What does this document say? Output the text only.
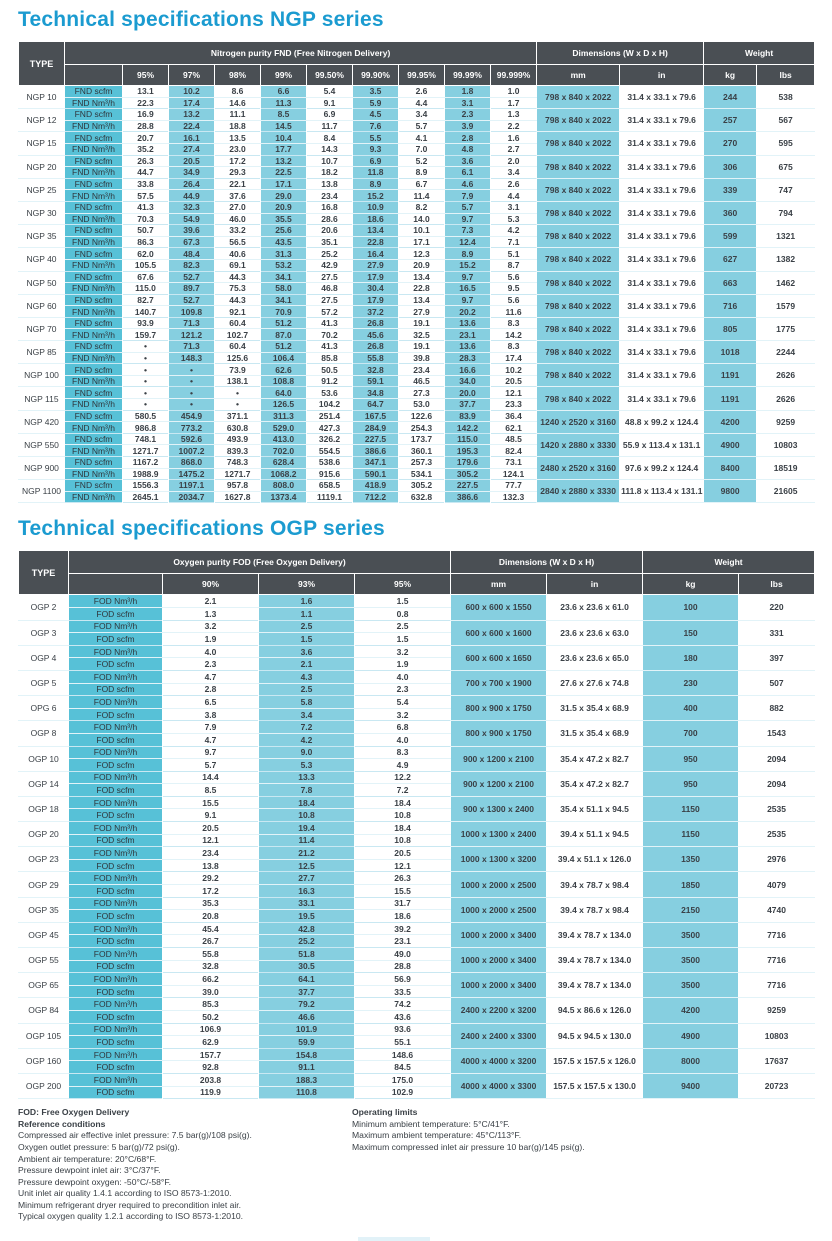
Technical specifications NGP series
TYPE	Nitrogen purity FND (Free Nitrogen Delivery)										Dimensions (W x D x H)		Weight	
		95%	97%	98%	99%	99.50%	99.90%	99.95%	99.99%	99.999%	mm	in	kg	lbs
NGP 10	FND scfm	13.1	10.2	8.6	6.6	5.4	3.5	2.6	1.8	1.0	798 x 840 x 2022	31.4 x 33.1 x 79.6	244	538
	FND Nm³/h	22.3	17.4	14.6	11.3	9.1	5.9	4.4	3.1	1.7				
NGP 12	FND scfm	16.9	13.2	11.1	8.5	6.9	4.5	3.4	2.3	1.3	798 x 840 x 2022	31.4 x 33.1 x 79.6	257	567
	FND Nm³/h	28.8	22.4	18.8	14.5	11.7	7.6	5.7	3.9	2.2				
NGP 15	FND scfm	20.7	16.1	13.5	10.4	8.4	5.5	4.1	2.8	1.6	798 x 840 x 2022	31.4 x 33.1 x 79.6	270	595
	FND Nm³/h	35.2	27.4	23.0	17.7	14.3	9.3	7.0	4.8	2.7				
NGP 20	FND scfm	26.3	20.5	17.2	13.2	10.7	6.9	5.2	3.6	2.0	798 x 840 x 2022	31.4 x 33.1 x 79.6	306	675
	FND Nm³/h	44.7	34.9	29.3	22.5	18.2	11.8	8.9	6.1	3.4				
NGP 25	FND scfm	33.8	26.4	22.1	17.1	13.8	8.9	6.7	4.6	2.6	798 x 840 x 2022	31.4 x 33.1 x 79.6	339	747
	FND Nm³/h	57.5	44.9	37.6	29.0	23.4	15.2	11.4	7.9	4.4				
NGP 30	FND scfm	41.3	32.3	27.0	20.9	16.8	10.9	8.2	5.7	3.1	798 x 840 x 2022	31.4 x 33.1 x 79.6	360	794
	FND Nm³/h	70.3	54.9	46.0	35.5	28.6	18.6	14.0	9.7	5.3				
NGP 35	FND scfm	50.7	39.6	33.2	25.6	20.6	13.4	10.1	7.3	4.2	798 x 840 x 2022	31.4 x 33.1 x 79.6	599	1321
	FND Nm³/h	86.3	67.3	56.5	43.5	35.1	22.8	17.1	12.4	7.1				
NGP 40	FND scfm	62.0	48.4	40.6	31.3	25.2	16.4	12.3	8.9	5.1	798 x 840 x 2022	31.4 x 33.1 x 79.6	627	1382
	FND Nm³/h	105.5	82.3	69.1	53.2	42.9	27.9	20.9	15.2	8.7				
NGP 50	FND scfm	67.6	52.7	44.3	34.1	27.5	17.9	13.4	9.7	5.6	798 x 840 x 2022	31.4 x 33.1 x 79.6	663	1462
	FND Nm³/h	115.0	89.7	75.3	58.0	46.8	30.4	22.8	16.5	9.5				
NGP 60	FND scfm	82.7	52.7	44.3	34.1	27.5	17.9	13.4	9.7	5.6	798 x 840 x 2022	31.4 x 33.1 x 79.6	716	1579
	FND Nm³/h	140.7	109.8	92.1	70.9	57.2	37.2	27.9	20.2	11.6				
NGP 70	FND scfm	93.9	71.3	60.4	51.2	41.3	26.8	19.1	13.6	8.3	798 x 840 x 2022	31.4 x 33.1 x 79.6	805	1775
	FND Nm³/h	159.7	121.2	102.7	87.0	70.2	45.6	32.5	23.1	14.2				
NGP 85	FND scfm	•	71.3	60.4	51.2	41.3	26.8	19.1	13.6	8.3	798 x 840 x 2022	31.4 x 33.1 x 79.6	1018	2244
	FND Nm³/h	•	148.3	125.6	106.4	85.8	55.8	39.8	28.3	17.4				
NGP 100	FND scfm	•	•	73.9	62.6	50.5	32.8	23.4	16.6	10.2	798 x 840 x 2022	31.4 x 33.1 x 79.6	1191	2626
	FND Nm³/h	•	•	138.1	108.8	91.2	59.1	46.5	34.0	20.5				
NGP 115	FND scfm	•	•	•	64.0	53.6	34.8	27.3	20.0	12.1	798 x 840 x 2022	31.4 x 33.1 x 79.6	1191	2626
	FND Nm³/h	•	•	•	126.5	104.2	64.7	53.0	37.7	23.3				
NGP 420	FND scfm	580.5	454.9	371.1	311.3	251.4	167.5	122.6	83.9	36.4	1240 x 2520 x 3160	48.8 x 99.2 x 124.4	4200	9259
	FND Nm³/h	986.8	773.2	630.8	529.0	427.3	284.9	254.3	142.2	62.1				
NGP 550	FND scfm	748.1	592.6	493.9	413.0	326.2	227.5	173.7	115.0	48.5	1420 x 2880 x 3330	55.9 x 113.4 x 131.1	4900	10803
	FND Nm³/h	1271.7	1007.2	839.3	702.0	554.5	386.6	360.1	195.3	82.4				
NGP 900	FND scfm	1167.2	868.0	748.3	628.4	538.6	347.1	257.3	179.6	73.1	2480 x 2520 x 3160	97.6 x 99.2 x 124.4	8400	18519
	FND Nm³/h	1988.9	1475.2	1271.7	1068.2	915.6	590.1	534.1	305.2	124.1				
NGP 1100	FND scfm	1556.3	1197.1	957.8	808.0	658.5	418.9	305.2	227.5	77.7	2840 x 2880 x 3330	111.8 x 113.4 x 131.1	9800	21605
	FND Nm³/h	2645.1	2034.7	1627.8	1373.4	1119.1	712.2	632.8	386.6	132.3				
Technical specifications OGP series
TYPE	Oxygen purity FOD (Free Oxygen Delivery)				Dimensions (W x D x H)		Weight	
		90%	93%	95%	mm	in	kg	lbs
OGP 2	FOD Nm³/h	2.1	1.6	1.5	600 x 600 x 1550	23.6 x 23.6 x 61.0	100	220
	FOD scfm	1.3	1.1	0.8				
OGP 3	FOD Nm³/h	3.2	2.5	2.5	600 x 600 x 1600	23.6 x 23.6 x 63.0	150	331
	FOD scfm	1.9	1.5	1.5				
OGP 4	FOD Nm³/h	4.0	3.6	3.2	600 x 600 x 1650	23.6 x 23.6 x 65.0	180	397
	FOD scfm	2.3	2.1	1.9				
OGP 5	FOD Nm³/h	4.7	4.3	4.0	700 x 700 x 1900	27.6 x 27.6 x 74.8	230	507
	FOD scfm	2.8	2.5	2.3				
OPG 6	FOD Nm³/h	6.5	5.8	5.4	800 x 900 x 1750	31.5 x 35.4 x 68.9	400	882
	FOD scfm	3.8	3.4	3.2				
OGP 8	FOD Nm³/h	7.9	7.2	6.8	800 x 900 x 1750	31.5 x 35.4 x 68.9	700	1543
	FOD scfm	4.7	4.2	4.0				
OGP 10	FOD Nm³/h	9.7	9.0	8.3	900 x 1200 x 2100	35.4 x 47.2 x 82.7	950	2094
	FOD scfm	5.7	5.3	4.9				
OGP 14	FOD Nm³/h	14.4	13.3	12.2	900 x 1200 x 2100	35.4 x 47.2 x 82.7	950	2094
	FOD scfm	8.5	7.8	7.2				
OGP 18	FOD Nm³/h	15.5	18.4	18.4	900 x 1300 x 2400	35.4 x 51.1 x 94.5	1150	2535
	FOD scfm	9.1	10.8	10.8				
OGP 20	FOD Nm³/h	20.5	19.4	18.4	1000 x 1300 x 2400	39.4 x 51.1 x 94.5	1150	2535
	FOD scfm	12.1	11.4	10.8				
OGP 23	FOD Nm³/h	23.4	21.2	20.5	1000 x 1300 x 3200	39.4 x 51.1 x 126.0	1350	2976
	FOD scfm	13.8	12.5	12.1				
OGP 29	FOD Nm³/h	29.2	27.7	26.3	1000 x 2000 x 2500	39.4 x 78.7 x 98.4	1850	4079
	FOD scfm	17.2	16.3	15.5				
OGP 35	FOD Nm³/h	35.3	33.1	31.7	1000 x 2000 x 2500	39.4 x 78.7 x 98.4	2150	4740
	FOD scfm	20.8	19.5	18.6				
OGP 45	FOD Nm³/h	45.4	42.8	39.2	1000 x 2000 x 3400	39.4 x 78.7 x 134.0	3500	7716
	FOD scfm	26.7	25.2	23.1				
OGP 55	FOD Nm³/h	55.8	51.8	49.0	1000 x 2000 x 3400	39.4 x 78.7 x 134.0	3500	7716
	FOD scfm	32.8	30.5	28.8				
OGP 65	FOD Nm³/h	66.2	64.1	56.9	1000 x 2000 x 3400	39.4 x 78.7 x 134.0	3500	7716
	FOD scfm	39.0	37.7	33.5				
OGP 84	FOD Nm³/h	85.3	79.2	74.2	2400 x 2200 x 3200	94.5 x 86.6 x 126.0	4200	9259
	FOD scfm	50.2	46.6	43.6				
OGP 105	FOD Nm³/h	106.9	101.9	93.6	2400 x 2400 x 3300	94.5 x 94.5 x 130.0	4900	10803
	FOD scfm	62.9	59.9	55.1				
OGP 160	FOD Nm³/h	157.7	154.8	148.6	4000 x 4000 x 3200	157.5 x 157.5 x 126.0	8000	17637
	FOD scfm	92.8	91.1	84.5				
OGP 200	FOD Nm³/h	203.8	188.3	175.0	4000 x 4000 x 3300	157.5 x 157.5 x 130.0	9400	20723
	FOD scfm	119.9	110.8	102.9				
FOD: Free Oxygen Delivery
Reference conditions
Compressed air effective inlet pressure: 7.5 bar(g)/108 psi(g).
Oxygen outlet pressure: 5 bar(g)/72 psi(g).
Ambient air temperature: 20°C/68°F.
Pressure dewpoint inlet air: 3°C/37°F.
Pressure dewpoint oxygen: -50°C/-58°F.
Unit inlet air quality 1.4.1 according to ISO 8573-1:2010.
Minimum refrigerant dryer required to precondition inlet air.
Typical oxygen quality 1.2.1 according to ISO 8573-1:2010.
Operating limits
Minimum ambient temperature: 5°C/41°F.
Maximum ambient temperature: 45°C/113°F.
Maximum compressed inlet air pressure 10 bar(g)/145 psi(g).
